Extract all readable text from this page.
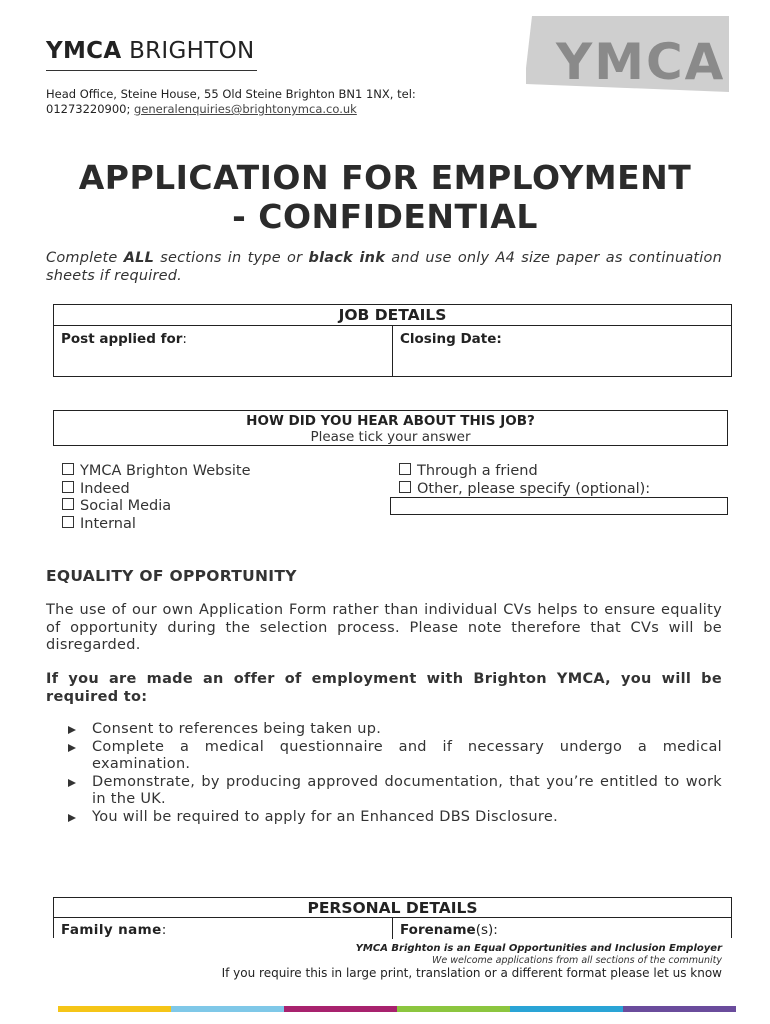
YMCA BRIGHTON
Head Office, Steine House, 55 Old Steine Brighton BN1 1NX, tel: 01273220900; generalenquiries@brightonymca.co.uk
YMCA
APPLICATION FOR EMPLOYMENT
- CONFIDENTIAL
Complete ALL sections in type or black ink and use only A4 size paper as continuation sheets if required.
JOB DETAILS
Post applied for:	Closing Date:
HOW DID YOU HEAR ABOUT THIS JOB?
Please tick your answer
YMCA Brighton Website
Indeed
Social Media
Internal
Through a friend
Other, please specify (optional):
EQUALITY OF OPPORTUNITY
The use of our own Application Form rather than individual CVs helps to ensure equality of opportunity during the selection process. Please note therefore that CVs will be disregarded.
If you are made an offer of employment with Brighton YMCA, you will be required to:
Consent to references being taken up.
Complete a medical questionnaire and if necessary undergo a medical examination.
Demonstrate, by producing approved documentation, that you’re entitled to work in the UK.
You will be required to apply for an Enhanced DBS Disclosure.
PERSONAL DETAILS
Family name:	Forename(s):
YMCA Brighton is an Equal Opportunities and Inclusion Employer
We welcome applications from all sections of the community
If you require this in large print, translation or a different format please let us know
